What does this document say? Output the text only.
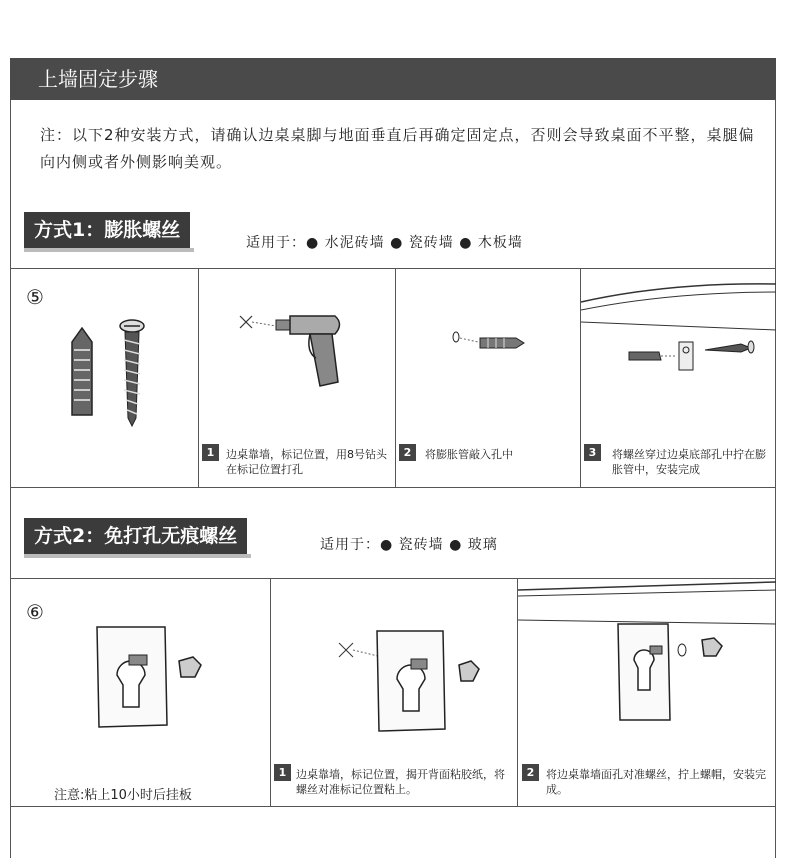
上墙固定步骤
注：以下2种安装方式，请确认边桌桌脚与地面垂直后再确定固定点，否则会导致桌面不平整，桌腿偏向内侧或者外侧影响美观。
方式1：膨胀螺丝
适用于：● 水泥砖墙 ● 瓷砖墙 ● 木板墙
⑤
1	边桌靠墙，标记位置，用8号钻头在标记位置打孔
2	将膨胀管敲入孔中	3	将螺丝穿过边桌底部孔中拧在膨胀管中，安装完成
方式2：免打孔无痕螺丝	适用于：● 瓷砖墙 ● 玻璃
⑥
注意:粘上10小时后挂板
1 边桌靠墙，标记位置，揭开背面粘胶纸，将螺丝对准标记位置粘上。
2	将边桌靠墙面孔对准螺丝，拧上螺帽，安装完成。
